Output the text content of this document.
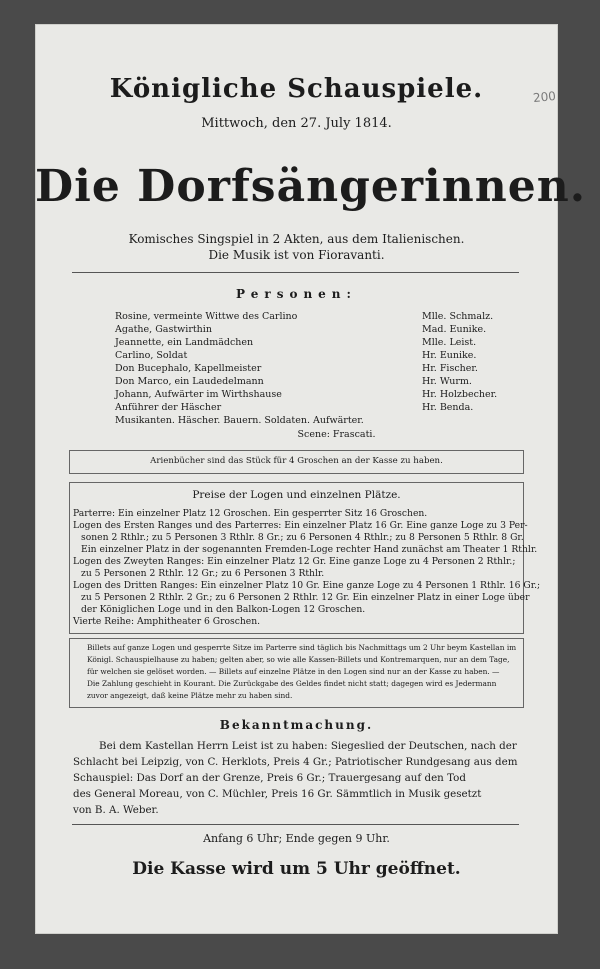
200
Königliche Schauspiele.
Mittwoch, den 27. July 1814.
Die Dorfsängerinnen.
Komisches Singspiel in 2 Akten, aus dem Italienischen.
Die Musik ist von Fioravanti.
Personen:
Rosine, vermeinte Wittwe des Carlino	Mlle. Schmalz.
Agathe, Gastwirthin	Mad. Eunike.
Jeannette, ein Landmädchen	Mlle. Leist.
Carlino, Soldat	Hr. Eunike.
Don Bucephalo, Kapellmeister	Hr. Fischer.
Don Marco, ein Laudedelmann	Hr. Wurm.
Johann, Aufwärter im Wirthshause	Hr. Holzbecher.
Anführer der Häscher	Hr. Benda.
Musikanten. Häscher. Bauern. Soldaten. Aufwärter.
Scene: Frascati.
Arienbücher sind das Stück für 4 Groschen an der Kasse zu haben.
Preise der Logen und einzelnen Plätze.
Parterre: Ein einzelner Platz 12 Groschen. Ein gesperrter Sitz 16 Groschen.
Logen des Ersten Ranges und des Parterres: Ein einzelner Platz 16 Gr. Eine ganze Loge zu 3 Per-
sonen 2 Rthlr.; zu 5 Personen 3 Rthlr. 8 Gr.; zu 6 Personen 4 Rthlr.; zu 8 Personen 5 Rthlr. 8 Gr.
Ein einzelner Platz in der sogenannten Fremden-Loge rechter Hand zunächst am Theater 1 Rthlr.
Logen des Zweyten Ranges: Ein einzelner Platz 12 Gr. Eine ganze Loge zu 4 Personen 2 Rthlr.;
zu 5 Personen 2 Rthlr. 12 Gr.; zu 6 Personen 3 Rthlr.
Logen des Dritten Ranges: Ein einzelner Platz 10 Gr. Eine ganze Loge zu 4 Personen 1 Rthlr. 16 Gr.;
zu 5 Personen 2 Rthlr. 2 Gr.; zu 6 Personen 2 Rthlr. 12 Gr. Ein einzelner Platz in einer Loge über
der Königlichen Loge und in den Balkon-Logen 12 Groschen.
Vierte Reihe: Amphitheater 6 Groschen.
Billets auf ganze Logen und gesperrte Sitze im Parterre sind täglich bis Nachmittags um 2 Uhr beym Kastellan im
Königl. Schauspielhause zu haben; gelten aber, so wie alle Kassen-Billets und Kontremarquen, nur an dem Tage,
für welchen sie gelöset worden. — Billets auf einzelne Plätze in den Logen sind nur an der Kasse zu haben. —
Die Zahlung geschieht in Kourant. Die Zurückgabe des Geldes findet nicht statt; dagegen wird es Jedermann
zuvor angezeigt, daß keine Plätze mehr zu haben sind.
Bekanntmachung.
Bei dem Kastellan Herrn Leist ist zu haben: Siegeslied der Deutschen, nach der
Schlacht bei Leipzig, von C. Herklots, Preis 4 Gr.; Patriotischer Rundgesang aus dem
Schauspiel: Das Dorf an der Grenze, Preis 6 Gr.; Trauergesang auf den Tod
des General Moreau, von C. Müchler, Preis 16 Gr. Sämmtlich in Musik gesetzt
von B. A. Weber.
Anfang 6 Uhr; Ende gegen 9 Uhr.
Die Kasse wird um 5 Uhr geöffnet.
